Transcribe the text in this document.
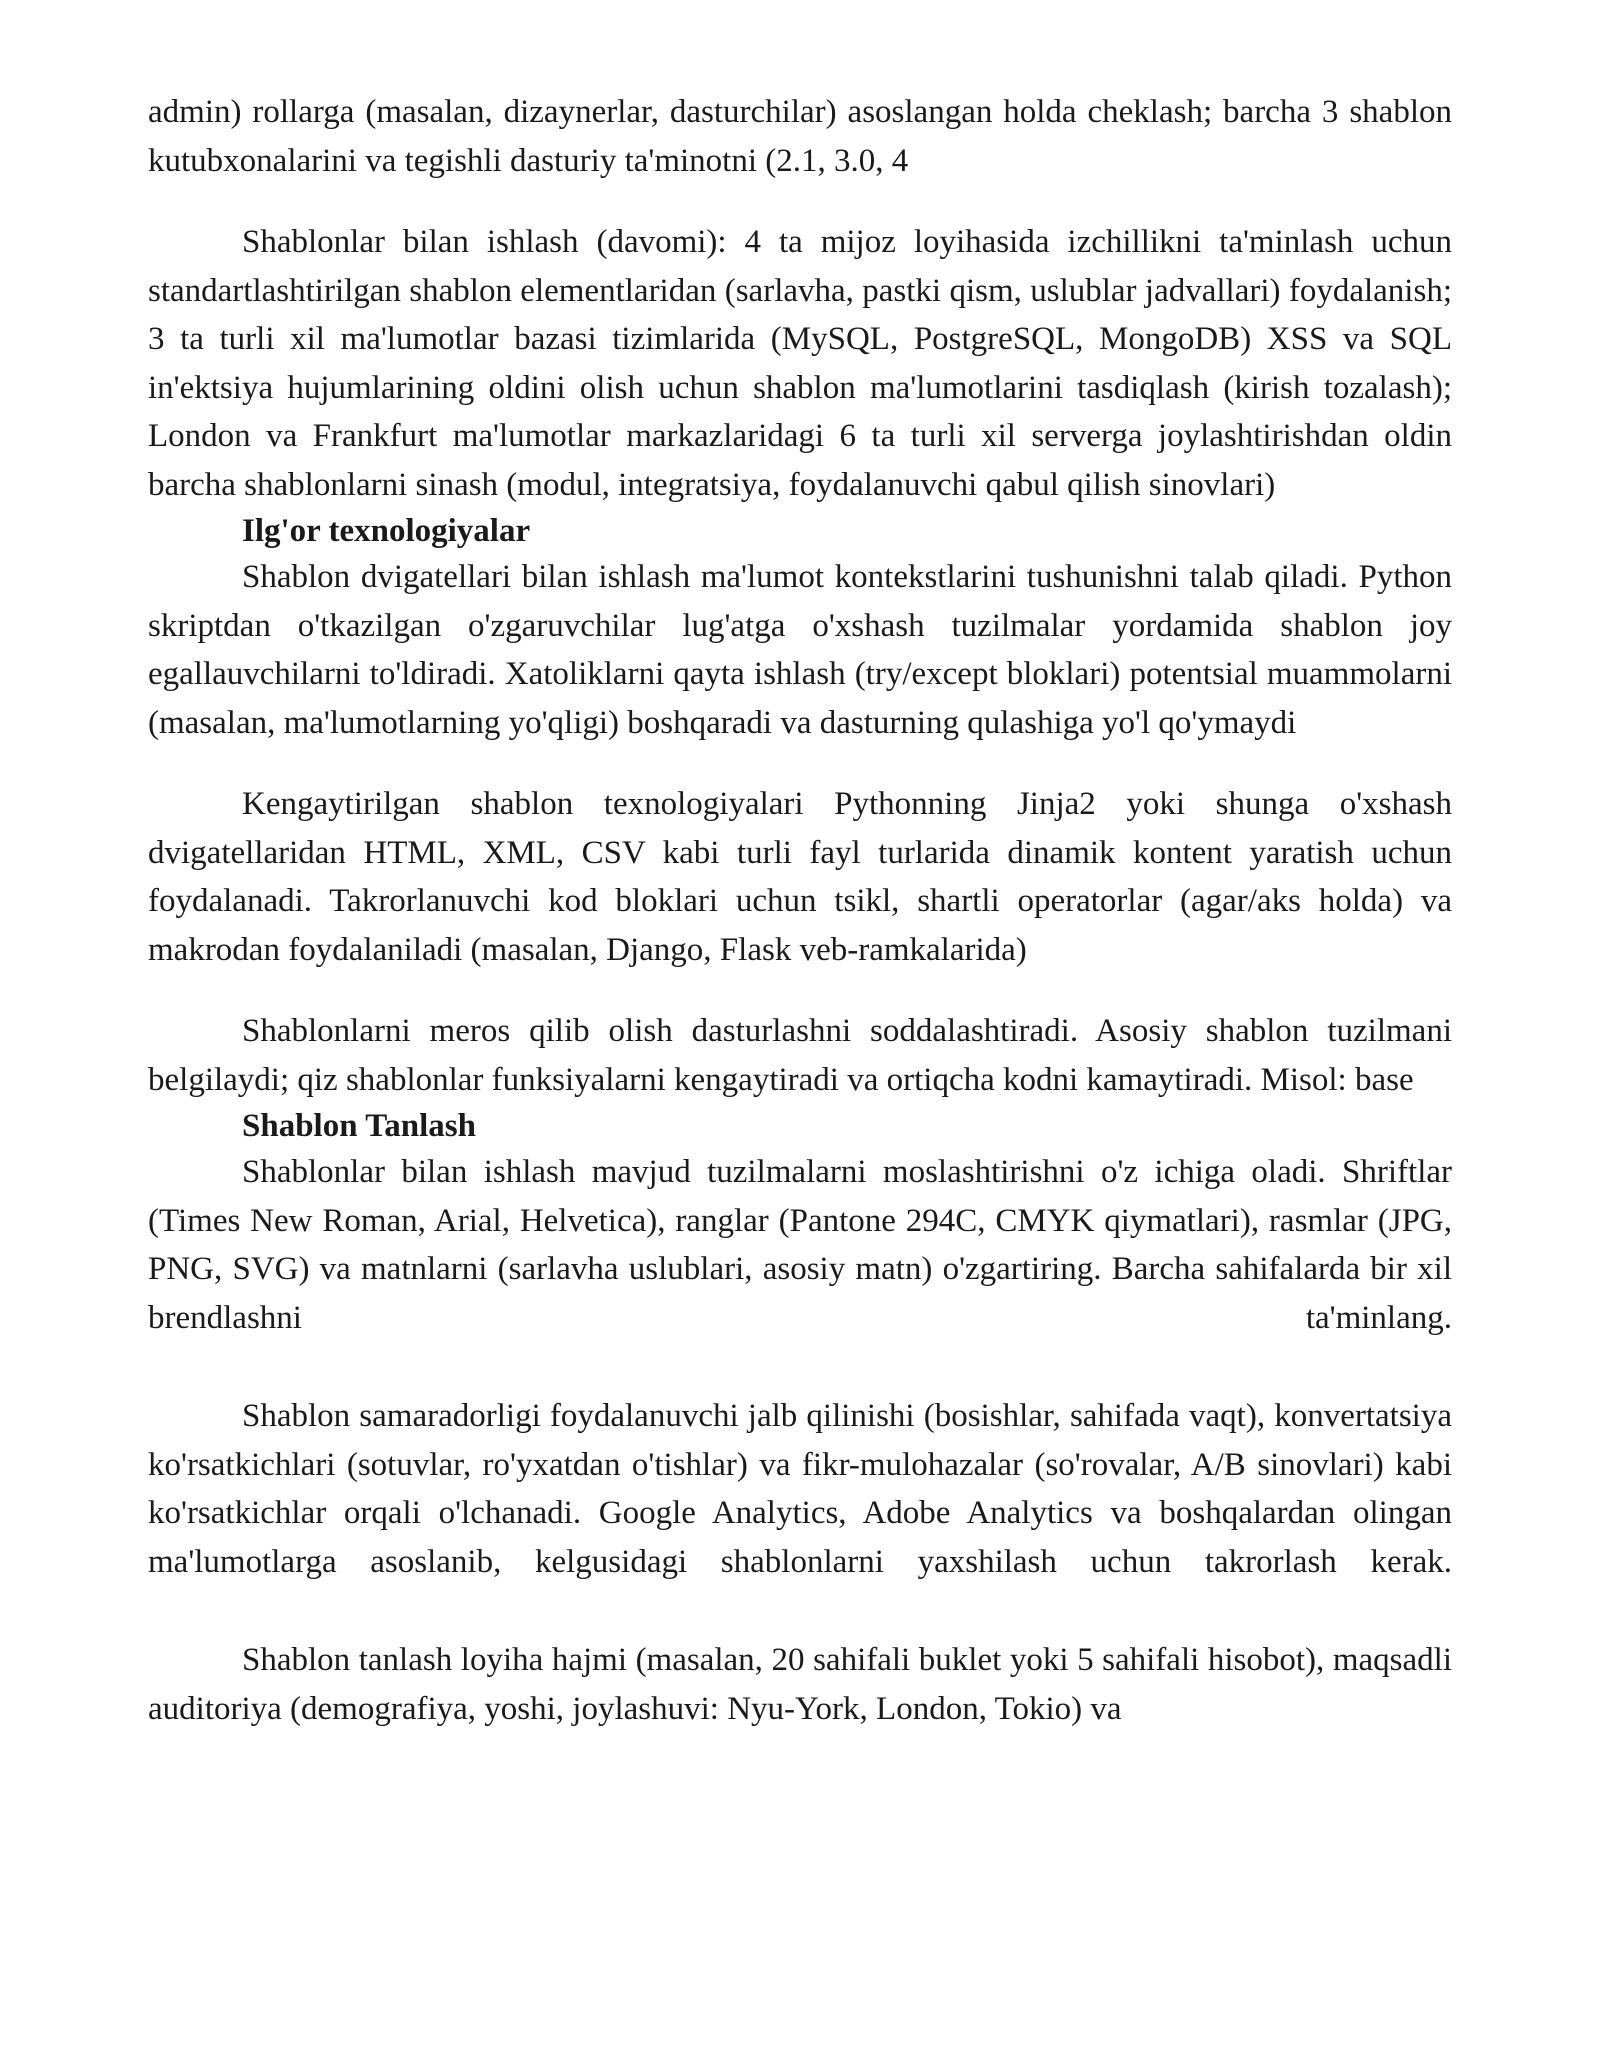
admin) rollarga (masalan, dizaynerlar, dasturchilar) asoslangan holda cheklash; barcha 3 shablon kutubxonalarini va tegishli dasturiy ta'minotni (2.1, 3.0, 4

Shablonlar bilan ishlash (davomi): 4 ta mijoz loyihasida izchillikni ta'minlash uchun standartlashtirilgan shablon elementlaridan (sarlavha, pastki qism, uslublar jadvallari) foydalanish; 3 ta turli xil ma'lumotlar bazasi tizimlarida (MySQL, PostgreSQL, MongoDB) XSS va SQL in'ektsiya hujumlarining oldini olish uchun shablon ma'lumotlarini tasdiqlash (kirish tozalash); London va Frankfurt ma'lumotlar markazlaridagi 6 ta turli xil serverga joylashtirishdan oldin barcha shablonlarni sinash (modul, integratsiya, foydalanuvchi qabul qilish sinovlari)

Ilg'or texnologiyalar

Shablon dvigatellari bilan ishlash ma'lumot kontekstlarini tushunishni talab qiladi. Python skriptdan o'tkazilgan o'zgaruvchilar lug'atga o'xshash tuzilmalar yordamida shablon joy egallauvchilarni to'ldiradi. Xatoliklarni qayta ishlash (try/except bloklari) potentsial muammolarni (masalan, ma'lumotlarning yo'qligi) boshqaradi va dasturning qulashiga yo'l qo'ymaydi

Kengaytirilgan shablon texnologiyalari Pythonning Jinja2 yoki shunga o'xshash dvigatellaridan HTML, XML, CSV kabi turli fayl turlarida dinamik kontent yaratish uchun foydalanadi. Takrorlanuvchi kod bloklari uchun tsikl, shartli operatorlar (agar/aks holda) va makrodan foydalaniladi (masalan, Django, Flask veb-ramkalarida)

Shablonlarni meros qilib olish dasturlashni soddalashtiradi. Asosiy shablon tuzilmani belgilaydi; qiz shablonlar funksiyalarni kengaytiradi va ortiqcha kodni kamaytiradi. Misol: base

Shablon Tanlash

Shablonlar bilan ishlash mavjud tuzilmalarni moslashtirishni o'z ichiga oladi. Shriftlar (Times New Roman, Arial, Helvetica), ranglar (Pantone 294C, CMYK qiymatlari), rasmlar (JPG, PNG, SVG) va matnlarni (sarlavha uslublari, asosiy matn) o'zgartiring. Barcha sahifalarda bir xil brendlashni ta'minlang.

Shablon samaradorligi foydalanuvchi jalb qilinishi (bosishlar, sahifada vaqt), konvertatsiya ko'rsatkichlari (sotuvlar, ro'yxatdan o'tishlar) va fikr-mulohazalar (so'rovalar, A/B sinovlari) kabi ko'rsatkichlar orqali o'lchanadi. Google Analytics, Adobe Analytics va boshqalardan olingan ma'lumotlarga asoslanib, kelgusidagi shablonlarni yaxshilash uchun takrorlash kerak.

Shablon tanlash loyiha hajmi (masalan, 20 sahifali buklet yoki 5 sahifali hisobot), maqsadli auditoriya (demografiya, yoshi, joylashuvi: Nyu-York, London, Tokio) va
